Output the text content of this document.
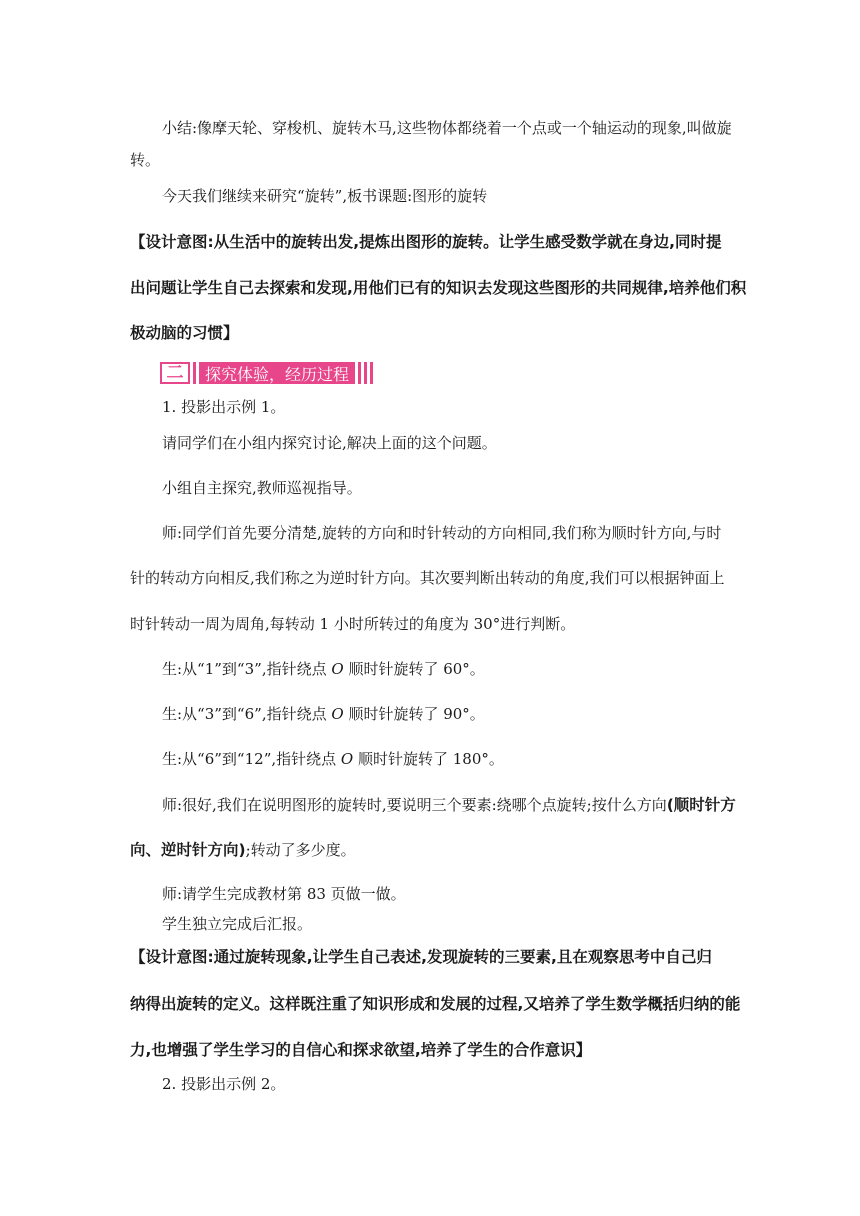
小结:像摩天轮、穿梭机、旋转木马,这些物体都绕着一个点或一个轴运动的现象,叫做旋
转。
今天我们继续来研究“旋转”,板书课题:图形的旋转
【设计意图:从生活中的旋转出发,提炼出图形的旋转。让学生感受数学就在身边,同时提
出问题让学生自己去探索和发现,用他们已有的知识去发现这些图形的共同规律,培养他们积
极动脑的习惯】
二	探究体验，经历过程
1. 投影出示例 1。
请同学们在小组内探究讨论,解决上面的这个问题。
小组自主探究,教师巡视指导。
师:同学们首先要分清楚,旋转的方向和时针转动的方向相同,我们称为顺时针方向,与时
针的转动方向相反,我们称之为逆时针方向。其次要判断出转动的角度,我们可以根据钟面上
时针转动一周为周角,每转动 1 小时所转过的角度为 30°进行判断。
生:从“1”到“3”,指针绕点 O 顺时针旋转了 60°。
生:从“3”到“6”,指针绕点 O 顺时针旋转了 90°。
生:从“6”到“12”,指针绕点 O 顺时针旋转了 180°。
师:很好,我们在说明图形的旋转时,要说明三个要素:绕哪个点旋转;按什么方向(顺时针方
向、逆时针方向);转动了多少度。
师:请学生完成教材第 83 页做一做。
学生独立完成后汇报。
【设计意图:通过旋转现象,让学生自己表述,发现旋转的三要素,且在观察思考中自己归
纳得出旋转的定义。这样既注重了知识形成和发展的过程,又培养了学生数学概括归纳的能
力,也增强了学生学习的自信心和探求欲望,培养了学生的合作意识】
2. 投影出示例 2。
